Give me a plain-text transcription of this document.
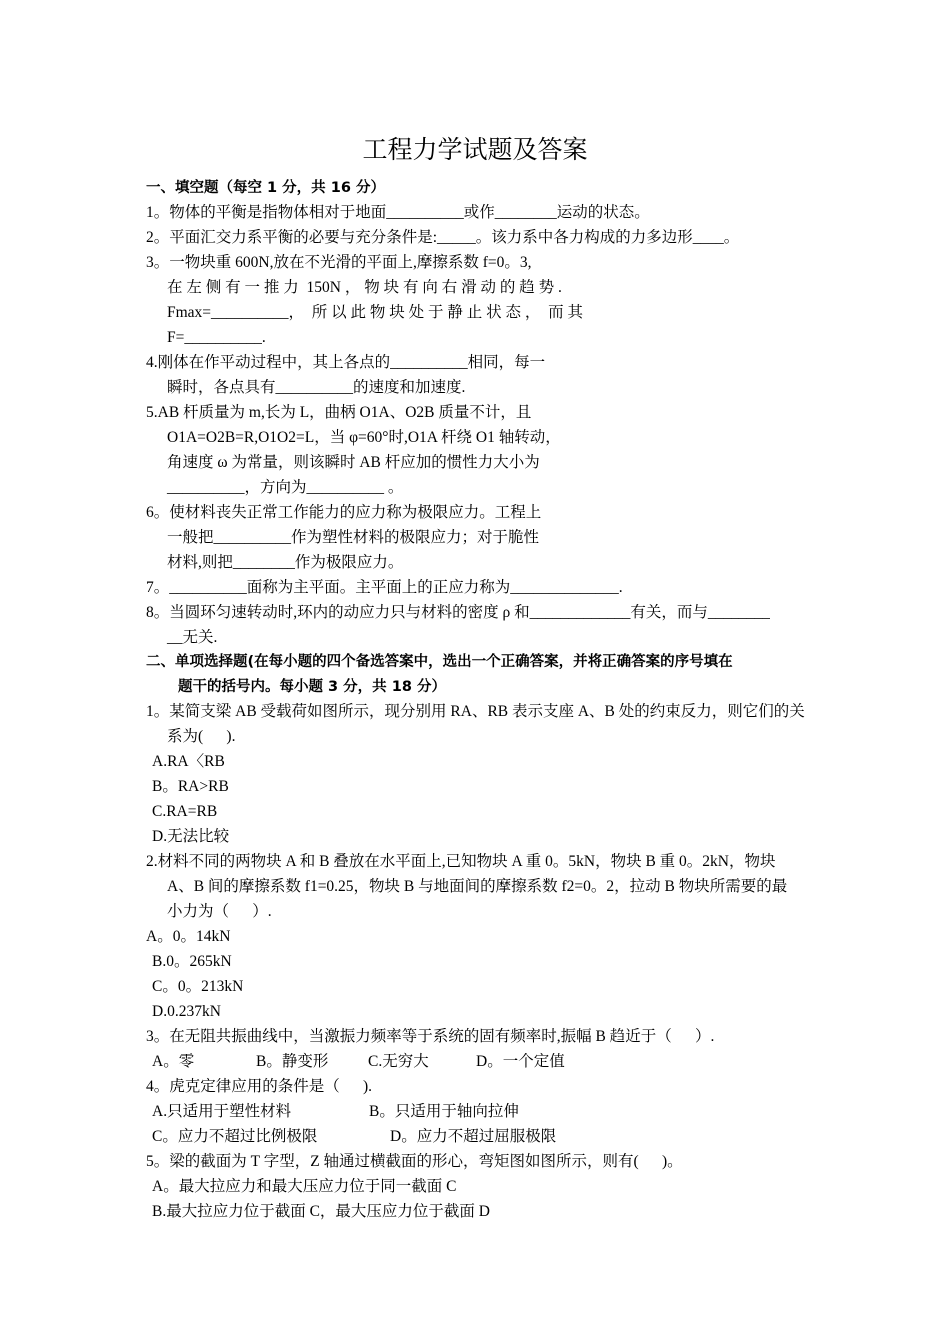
工程力学试题及答案
一、填空题（每空 1 分，共 16 分）
1。物体的平衡是指物体相对于地面__________或作________运动的状态。
2。平面汇交力系平衡的必要与充分条件是:_____。该力系中各力构成的力多边形____。
3。一物块重 600N,放在不光滑的平面上,摩擦系数 f=0。3,
在 左 侧 有 一 推 力  150N ， 物 块 有 向 右 滑 动 的 趋 势 .
Fmax=__________，  所 以 此 物 块 处 于 静 止 状 态 ，  而 其
F=__________.
4.刚体在作平动过程中，其上各点的__________相同，每一
瞬时，各点具有__________的速度和加速度.
5.AB 杆质量为 m,长为 L，曲柄 O1A、O2B 质量不计，且
O1A=O2B=R,O1O2=L，当 φ=60°时,O1A 杆绕 O1 轴转动，
角速度 ω 为常量，则该瞬时 AB 杆应加的惯性力大小为
__________，方向为__________ 。
6。使材料丧失正常工作能力的应力称为极限应力。工程上
一般把__________作为塑性材料的极限应力；对于脆性
材料,则把________作为极限应力。
7。__________面称为主平面。主平面上的正应力称为______________.
8。当圆环匀速转动时,环内的动应力只与材料的密度 ρ 和_____________有关，而与________
__无关.
二、单项选择题(在每小题的四个备选答案中，选出一个正确答案，并将正确答案的序号填在
题干的括号内。每小题 3 分，共 18 分）
1。某简支梁 AB 受载荷如图所示，现分别用 RA、RB 表示支座 A、B 处的约束反力，则它们的关
系为(      ).
A.RA〈RB
B。RA>RB
C.RA=RB
D.无法比较
2.材料不同的两物块 A 和 B 叠放在水平面上,已知物块 A 重 0。5kN，物块 B 重 0。2kN，物块
A、B 间的摩擦系数 f1=0.25，物块 B 与地面间的摩擦系数 f2=0。2，拉动 B 物块所需要的最
小力为（      ）.
A。0。14kN
B.0。265kN
C。0。213kN
D.0.237kN
3。在无阻共振曲线中，当激振力频率等于系统的固有频率时,振幅 B 趋近于（      ）.
A。零	B。静变形	C.无穷大	D。一个定值
4。虎克定律应用的条件是（      ).
A.只适用于塑性材料	B。只适用于轴向拉伸
C。应力不超过比例极限	D。应力不超过屈服极限
5。梁的截面为 T 字型，Z 轴通过横截面的形心，弯矩图如图所示，则有(      )。
A。最大拉应力和最大压应力位于同一截面 C
B.最大拉应力位于截面 C，最大压应力位于截面 D
